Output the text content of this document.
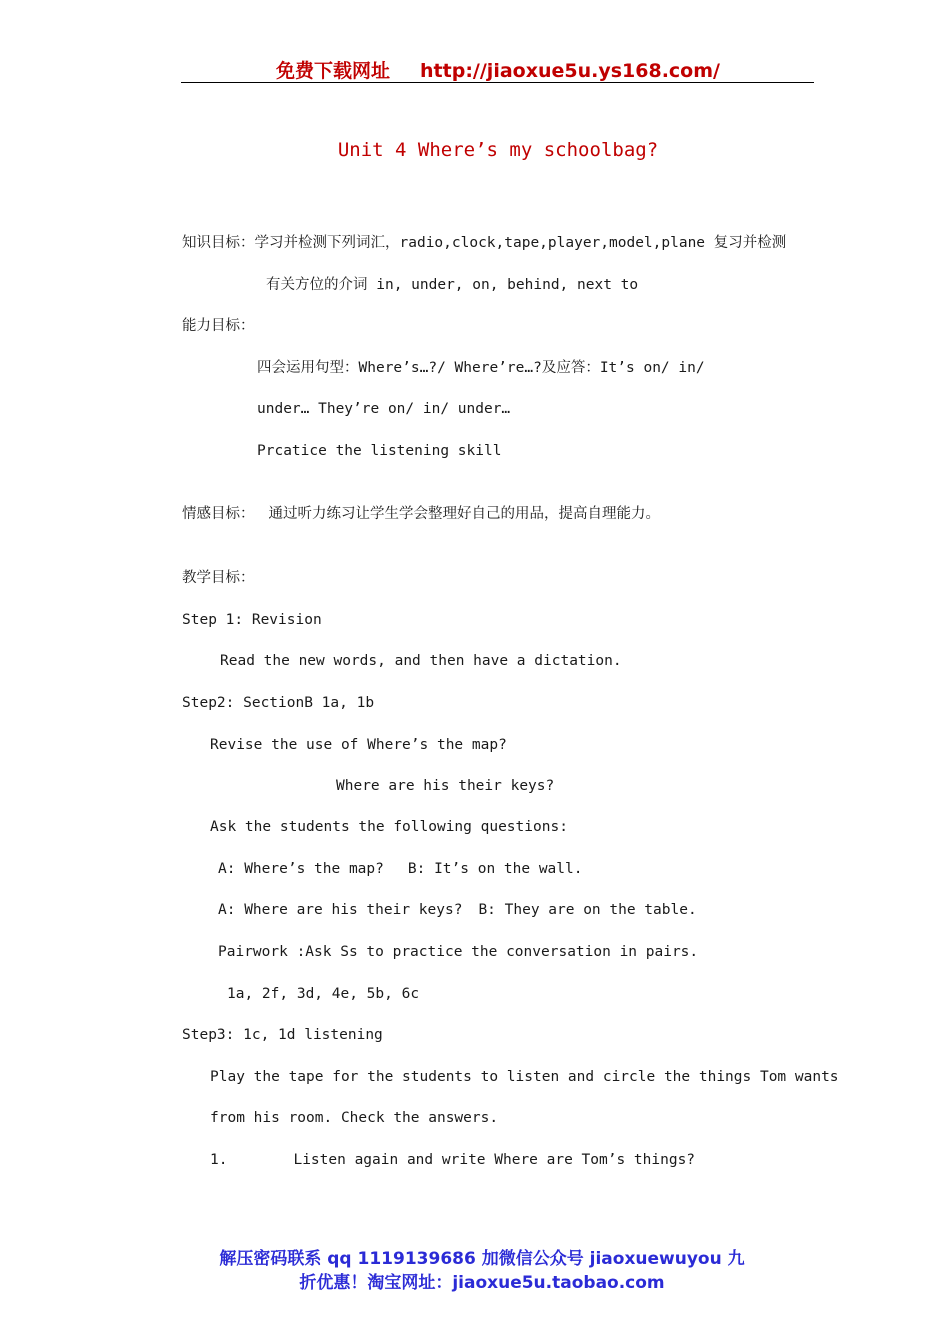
免费下载网址 http://jiaoxue5u.ys168.com/
Unit 4 Where’s my schoolbag?
知识目标：学习并检测下列词汇，radio,clock,tape,player,model,plane 复习并检测
有关方位的介词 in, under, on, behind, next to
能力目标：
四会运用句型：Where’s…?/ Where’re…?及应答：It’s on/ in/
under… They’re on/ in/ under…
Prcatice the listening skill
情感目标： 通过听力练习让学生学会整理好自己的用品，提高自理能力。
教学目标：
Step 1: Revision
Read the new words, and then have a dictation.
Step2: SectionB 1a, 1b
Revise the use of Where’s the map?
Where are his their keys?
Ask the students the following questions:
A: Where’s the map? B: It’s on the wall.
A: Where are his their keys? B: They are on the table.
Pairwork :Ask Ss to practice the conversation in pairs.
1a, 2f, 3d, 4e, 5b, 6c
Step3: 1c, 1d listening
Play the tape for the students to listen and circle the things Tom wants
from his room. Check the answers.
1.	Listen again and write Where are Tom’s things?
解压密码联系 qq 1119139686 加微信公众号 jiaoxuewuyou 九
折优惠！淘宝网址：jiaoxue5u.taobao.com
